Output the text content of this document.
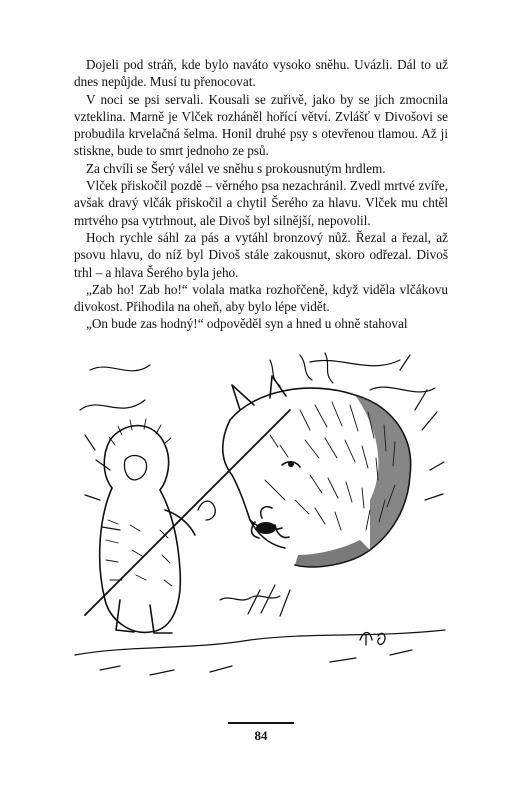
Dojeli pod stráň, kde bylo naváto vysoko sněhu. Uvázli. Dál to už dnes nepůjde. Musí tu přenocovat.

V noci se psi servali. Kousali se zuřivě, jako by se jich zmocnila vzteklina. Marně je Vlček rozháněl hořící větví. Zvlášť v Divošovi se probudila krvelačná šelma. Honil druhé psy s otevřenou tlamou. Až ji stiskne, bude to smrt jednoho ze psů.

Za chvíli se Šerý válel ve sněhu s prokousnutým hrdlem.

Vlček přiskočil pozdě – věrného psa nezachránil. Zvedl mrtvé zvíře, avšak dravý vlčák přiskočil a chytil Šerého za hlavu. Vlček mu chtěl mrtvého psa vytrhnout, ale Divoš byl silnější, nepovolil.

Hoch rychle sáhl za pás a vytáhl bronzový nůž. Řezal a řezal, až psovu hlavu, do níž byl Divoš stále zakousnut, skoro odřezal. Divoš trhl – a hlava Šerého byla jeho.

„Zab ho! Zab ho!“ volala matka rozhořčeně, když viděla vlčákovu divokost. Přihodila na oheň, aby bylo lépe vidět.

„On bude zas hodný!“ odpověděl syn a hned u ohně stahoval

84
